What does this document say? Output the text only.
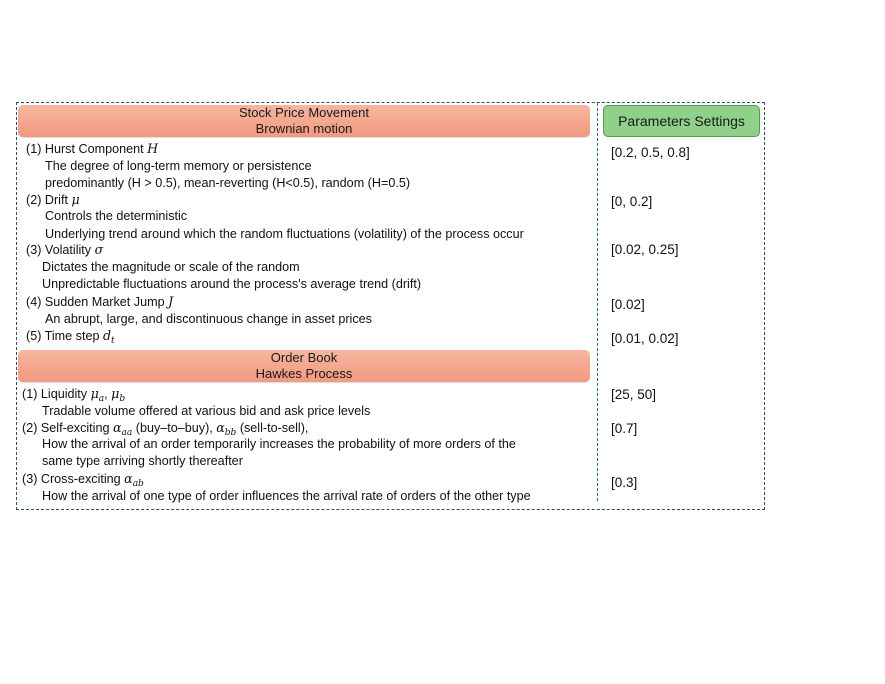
Stock Price Movement
Brownian motion	Parameters Settings
(1) Hurst Component H
The degree of long-term memory or persistence
predominantly (H > 0.5), mean-reverting (H<0.5), random (H=0.5)
[0.2, 0.5, 0.8]
(2) Drift μ
Controls the deterministic
Underlying trend around which the random fluctuations (volatility) of the process occur
[0, 0.2]
(3) Volatility σ
Dictates the magnitude or scale of the random
Unpredictable fluctuations around the process's average trend (drift)
[0.02, 0.25]
(4) Sudden Market Jump J
An abrupt, large, and discontinuous change in asset prices
[0.02]
(5) Time step $d_t$	[0.01, 0.02]
Order Book
Hawkes Process
(1) Liquidity $\mu_a$, $\mu_b$
Tradable volume offered at various bid and ask price levels
[25, 50]
(2) Self-exciting $\alpha_{aa}$ (buy–to–buy), $\alpha_{bb}$ (sell-to-sell),
How the arrival of an order temporarily increases the probability of more orders of the
same type arriving shortly thereafter
[0.7]
(3) Cross-exciting $\alpha_{ab}$
How the arrival of one type of order influences the arrival rate of orders of the other type
[0.3]
